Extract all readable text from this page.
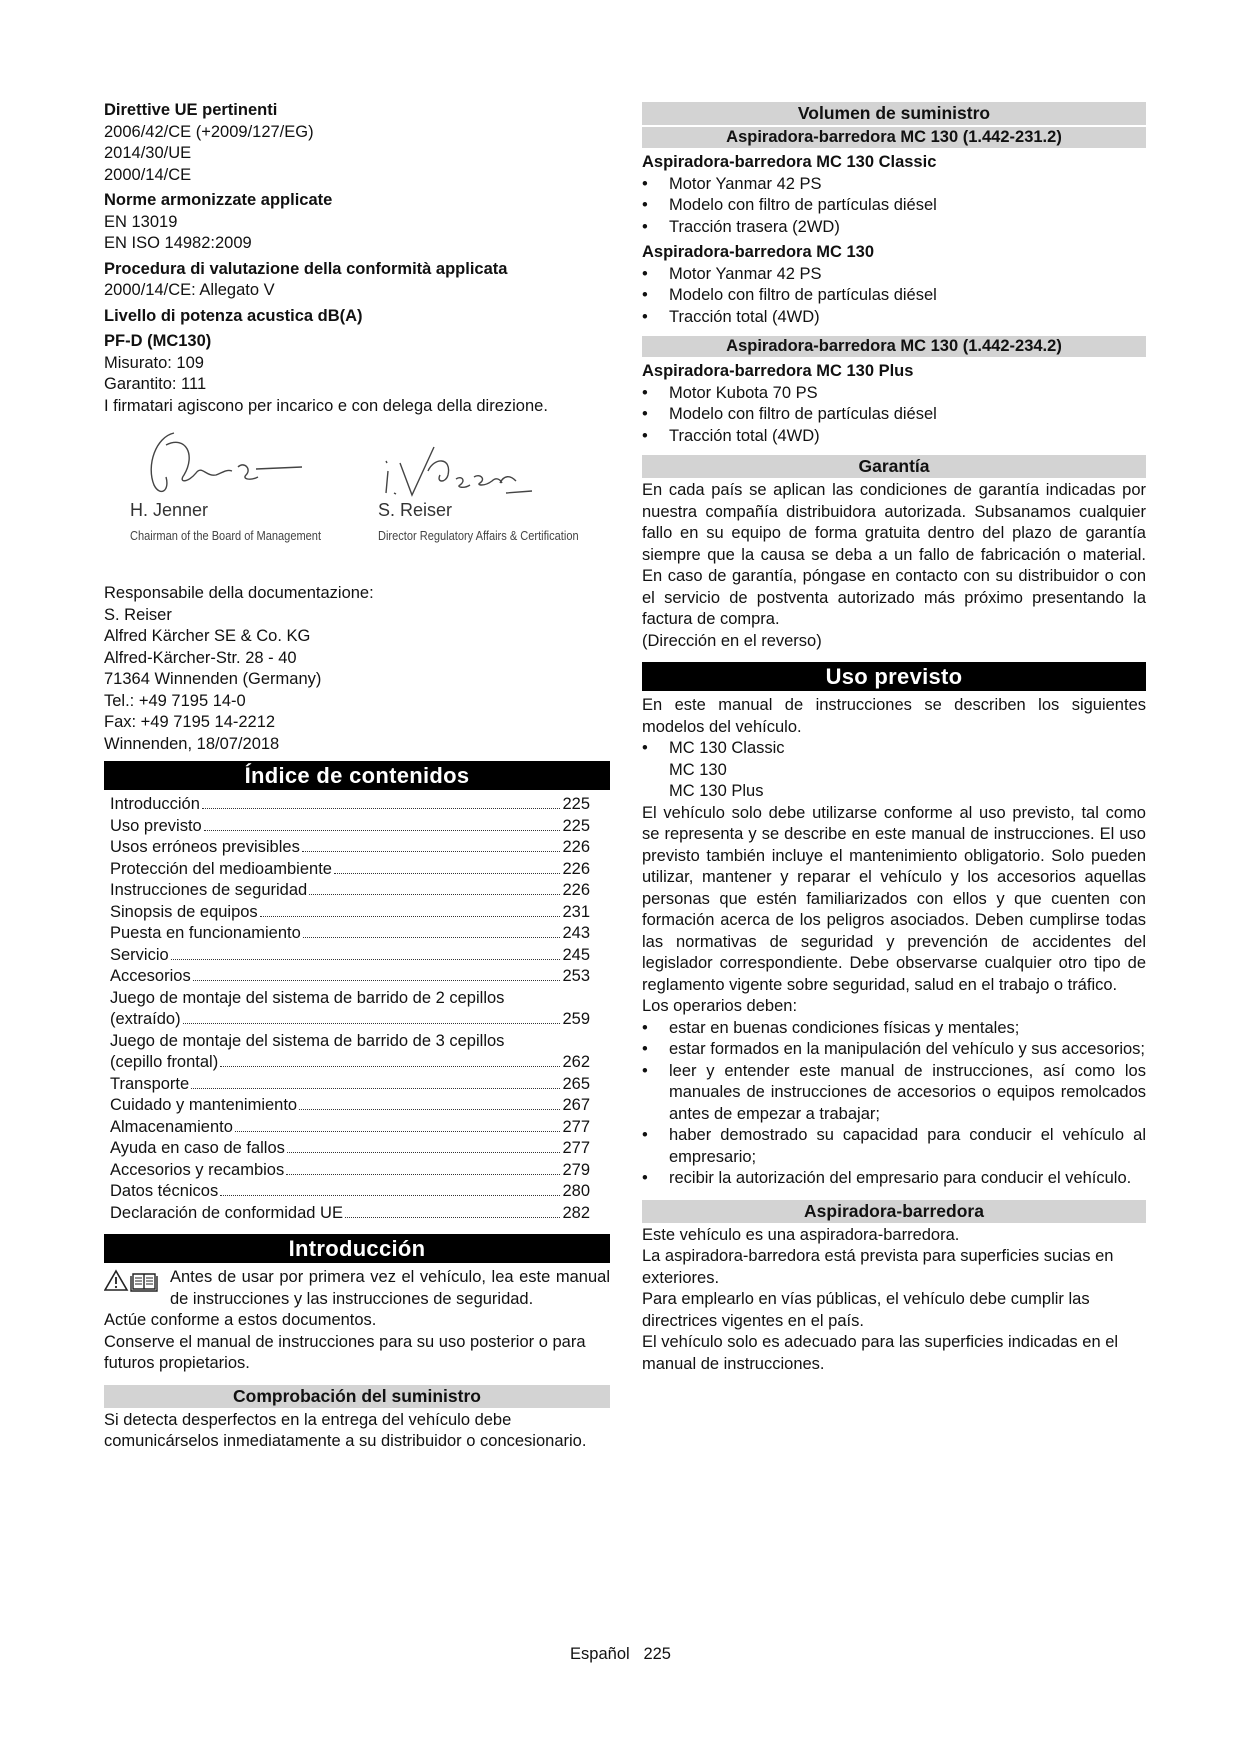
Direttive UE pertinenti

2006/42/CE (+2009/127/EG)

2014/30/UE

2000/14/CE

Norme armonizzate applicate

EN 13019

EN ISO 14982:2009

Procedura di valutazione della conformità applicata

2000/14/CE: Allegato V

Livello di potenza acustica dB(A)

PF-D (MC130)

Misurato: 109

Garantito: 111

I firmatari agiscono per incarico e con delega della direzione.

H. Jenner
Chairman of the Board of Management
S. Reiser
Director Regulatory Affairs & Certification

Responsabile della documentazione:

S. Reiser

Alfred Kärcher SE & Co. KG

Alfred-Kärcher-Str. 28 - 40

71364 Winnenden (Germany)

Tel.: +49 7195 14-0

Fax: +49 7195 14-2212

Winnenden, 18/07/2018

Índice de contenidos
Introducción	225
Uso previsto	225
Usos erróneos previsibles	226
Protección del medioambiente	226
Instrucciones de seguridad	226
Sinopsis de equipos	231
Puesta en funcionamiento	243
Servicio	245
Accesorios	253
Juego de montaje del sistema de barrido de 2 cepillos
(extraído)	259
Juego de montaje del sistema de barrido de 3 cepillos
(cepillo frontal)	262
Transporte	265
Cuidado y mantenimiento	267
Almacenamiento	277
Ayuda en caso de fallos	277
Accesorios y recambios	279
Datos técnicos	280
Declaración de conformidad UE	282
Introducción

Antes de usar por primera vez el vehículo, lea este manual de instrucciones y las instrucciones de seguridad.

Actúe conforme a estos documentos.

Conserve el manual de instrucciones para su uso posterior o para futuros propietarios.

Comprobación del suministro

Si detecta desperfectos en la entrega del vehículo debe comunicárselos inmediatamente a su distribuidor o concesionario.

Volumen de suministro
Aspiradora-barredora MC 130 (1.442-231.2)

Aspiradora-barredora MC 130 Classic

• Motor Yanmar 42 PS
• Modelo con filtro de partículas diésel
• Tracción trasera (2WD)

Aspiradora-barredora MC 130

• Motor Yanmar 42 PS
• Modelo con filtro de partículas diésel
• Tracción total (4WD)
Aspiradora-barredora MC 130 (1.442-234.2)

Aspiradora-barredora MC 130 Plus

• Motor Kubota 70 PS
• Modelo con filtro de partículas diésel
• Tracción total (4WD)
Garantía

En cada país se aplican las condiciones de garantía indicadas por nuestra compañía distribuidora autorizada. Subsanamos cualquier fallo en su equipo de forma gratuita dentro del plazo de garantía siempre que la causa se deba a un fallo de fabricación o material. En caso de garantía, póngase en contacto con su distribuidor o con el servicio de postventa autorizado más próximo presentando la factura de compra.

(Dirección en el reverso)

Uso previsto

En este manual de instrucciones se describen los siguientes modelos del vehículo.

• MC 130 Classic
MC 130
MC 130 Plus

El vehículo solo debe utilizarse conforme al uso previsto, tal como se representa y se describe en este manual de instrucciones. El uso previsto también incluye el mantenimiento obligatorio. Solo pueden utilizar, mantener y reparar el vehículo y los accesorios aquellas personas que estén familiarizados con ellos y que cuenten con formación acerca de los peligros asociados. Deben cumplirse todas las normativas de seguridad y prevención de accidentes del legislador correspondiente. Debe observarse cualquier otro tipo de reglamento vigente sobre seguridad, salud en el trabajo o tráfico.

Los operarios deben:

• estar en buenas condiciones físicas y mentales;
• estar formados en la manipulación del vehículo y sus accesorios;
• leer y entender este manual de instrucciones, así como los manuales de instrucciones de accesorios o equipos remolcados antes de empezar a trabajar;
• haber demostrado su capacidad para conducir el vehículo al empresario;
• recibir la autorización del empresario para conducir el vehículo.
Aspiradora-barredora

Este vehículo es una aspiradora-barredora.

La aspiradora-barredora está prevista para superficies sucias en exteriores.

Para emplearlo en vías públicas, el vehículo debe cumplir las directrices vigentes en el país.

El vehículo solo es adecuado para las superficies indicadas en el manual de instrucciones.

Español 225
